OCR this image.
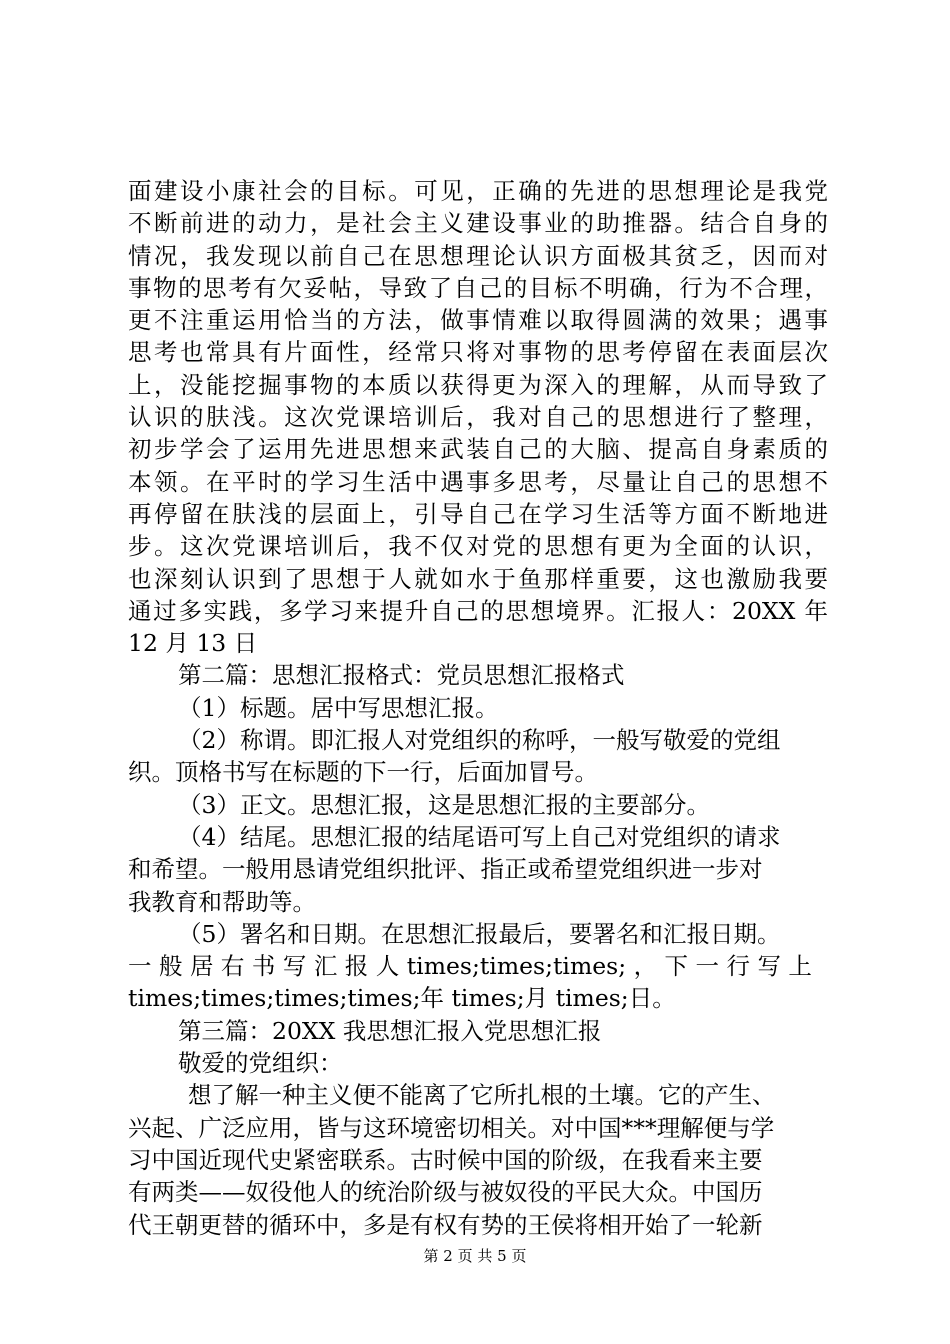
面建设小康社会的目标。可见，正确的先进的思想理论是我党
不断前进的动力，是社会主义建设事业的助推器。结合自身的
情况，我发现以前自己在思想理论认识方面极其贫乏，因而对
事物的思考有欠妥帖，导致了自己的目标不明确，行为不合理，
更不注重运用恰当的方法，做事情难以取得圆满的效果；遇事
思考也常具有片面性，经常只将对事物的思考停留在表面层次
上，没能挖掘事物的本质以获得更为深入的理解，从而导致了
认识的肤浅。这次党课培训后，我对自己的思想进行了整理，
初步学会了运用先进思想来武装自己的大脑、提高自身素质的
本领。在平时的学习生活中遇事多思考，尽量让自己的思想不
再停留在肤浅的层面上，引导自己在学习生活等方面不断地进
步。这次党课培训后，我不仅对党的思想有更为全面的认识，
也深刻认识到了思想于人就如水于鱼那样重要，这也激励我要
通过多实践，多学习来提升自己的思想境界。汇报人：20XX 年
12 月 13 日
第二篇：思想汇报格式：党员思想汇报格式
（1）标题。居中写思想汇报。
（2）称谓。即汇报人对党组织的称呼，一般写敬爱的党组
织。顶格书写在标题的下一行，后面加冒号。
（3）正文。思想汇报，这是思想汇报的主要部分。
（4）结尾。思想汇报的结尾语可写上自己对党组织的请求
和希望。一般用恳请党组织批评、指正或希望党组织进一步对
我教育和帮助等。
（5）署名和日期。在思想汇报最后，要署名和汇报日期。
一 般 居 右 书 写 汇 报 人 times;times;times; ， 下 一 行 写 上
times;times;times;times;年 times;月 times;日。
第三篇：20XX 我思想汇报入党思想汇报
敬爱的党组织：
想了解一种主义便不能离了它所扎根的土壤。它的产生、
兴起、广泛应用，皆与这环境密切相关。对中国***理解便与学
习中国近现代史紧密联系。古时候中国的阶级，在我看来主要
有两类——奴役他人的统治阶级与被奴役的平民大众。中国历
代王朝更替的循环中，多是有权有势的王侯将相开始了一轮新
第 2 页 共 5 页
